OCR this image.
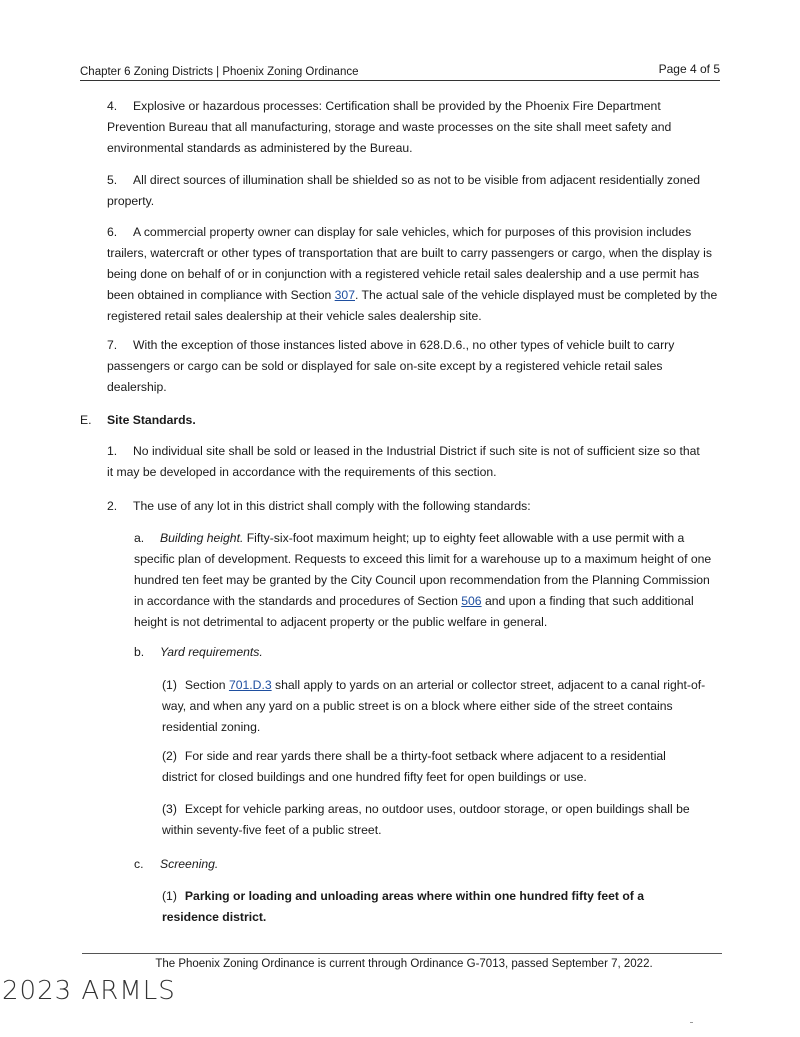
Chapter 6 Zoning Districts | Phoenix Zoning Ordinance	Page 4 of 5

4. Explosive or hazardous processes: Certification shall be provided by the Phoenix Fire Department Prevention Bureau that all manufacturing, storage and waste processes on the site shall meet safety and environmental standards as administered by the Bureau.

5. All direct sources of illumination shall be shielded so as not to be visible from adjacent residentially zoned property.

6. A commercial property owner can display for sale vehicles, which for purposes of this provision includes trailers, watercraft or other types of transportation that are built to carry passengers or cargo, when the display is being done on behalf of or in conjunction with a registered vehicle retail sales dealership and a use permit has been obtained in compliance with Section 307. The actual sale of the vehicle displayed must be completed by the registered retail sales dealership at their vehicle sales dealership site.

7. With the exception of those instances listed above in 628.D.6., no other types of vehicle built to carry passengers or cargo can be sold or displayed for sale on-site except by a registered vehicle retail sales dealership.

E. Site Standards.

1. No individual site shall be sold or leased in the Industrial District if such site is not of sufficient size so that it may be developed in accordance with the requirements of this section.

2. The use of any lot in this district shall comply with the following standards:

a. Building height. Fifty-six-foot maximum height; up to eighty feet allowable with a use permit with a specific plan of development. Requests to exceed this limit for a warehouse up to a maximum height of one hundred ten feet may be granted by the City Council upon recommendation from the Planning Commission in accordance with the standards and procedures of Section 506 and upon a finding that such additional height is not detrimental to adjacent property or the public welfare in general.

b. Yard requirements.

(1) Section 701.D.3 shall apply to yards on an arterial or collector street, adjacent to a canal right-of-way, and when any yard on a public street is on a block where either side of the street contains residential zoning.

(2) For side and rear yards there shall be a thirty-foot setback where adjacent to a residential district for closed buildings and one hundred fifty feet for open buildings or use.

(3) Except for vehicle parking areas, no outdoor uses, outdoor storage, or open buildings shall be within seventy-five feet of a public street.

c. Screening.

(1) Parking or loading and unloading areas where within one hundred fifty feet of a residence district.

The Phoenix Zoning Ordinance is current through Ordinance G-7013, passed September 7, 2022.
2023 ARMLS
